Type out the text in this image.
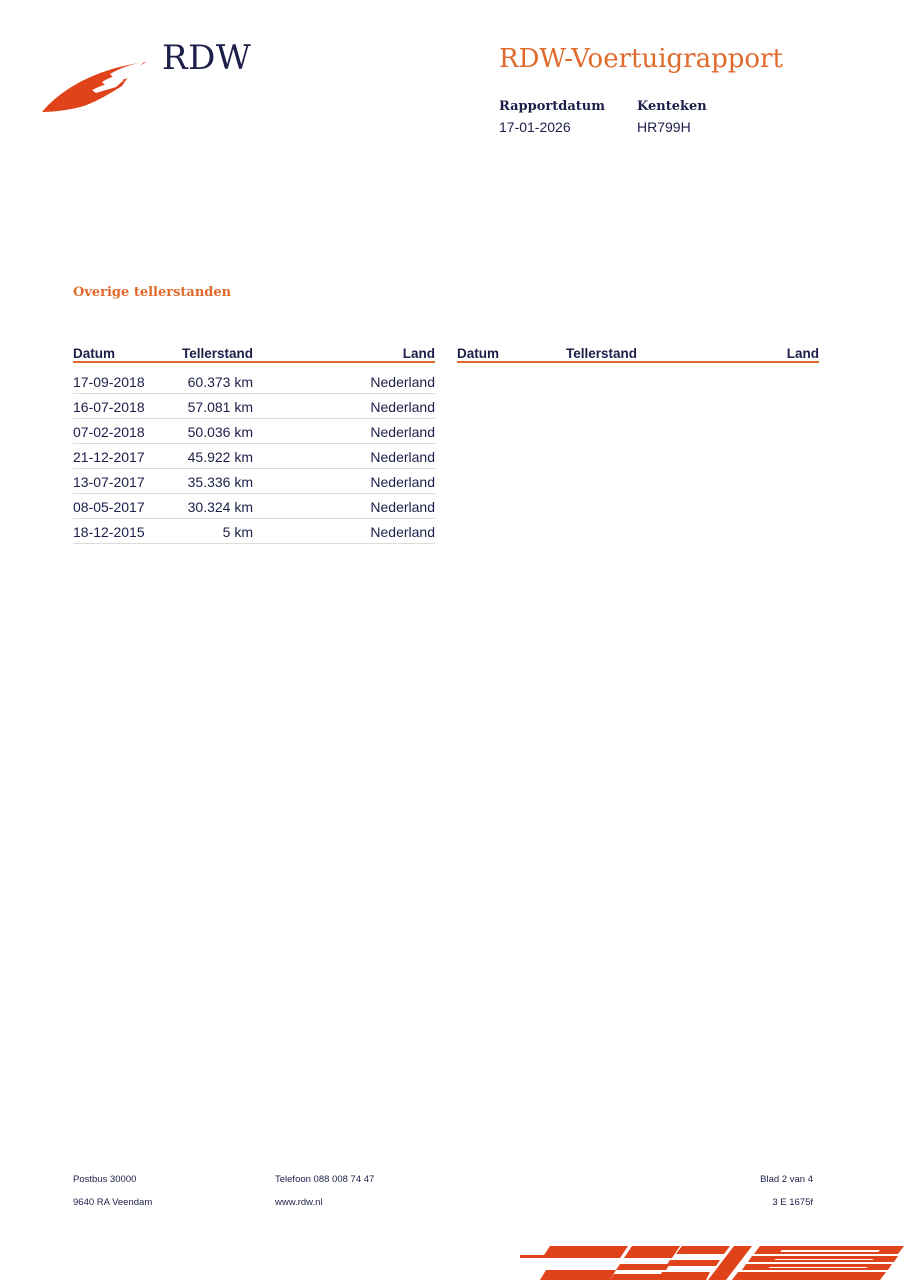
RDW	RDW-Voertuigrapport
Rapportdatum
17-01-2026
Kenteken
HR799H
Overige tellerstanden
Datum	Tellerstand	Land

17-09-2018	60.373 km	Nederland
16-07-2018	57.081 km	Nederland
07-02-2018	50.036 km	Nederland
21-12-2017	45.922 km	Nederland
13-07-2017	35.336 km	Nederland
08-05-2017	30.324 km	Nederland
18-12-2015	5 km	Nederland
Datum	Tellerstand	Land
Postbus 30000
9640 RA Veendam
Telefoon 088 008 74 47
www.rdw.nl
Blad 2 van 4
3 E 1675f
